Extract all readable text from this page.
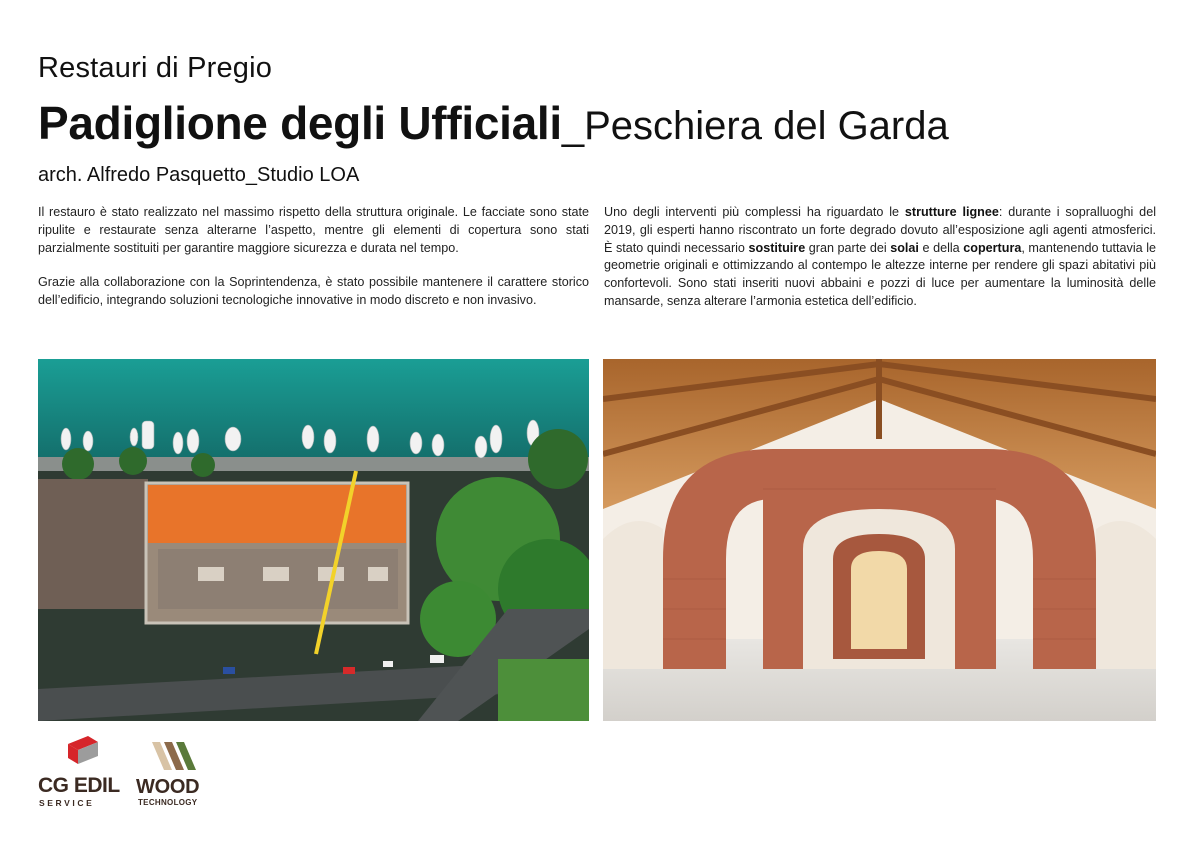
Restauri di Pregio
Padiglione degli Ufficiali_Peschiera del Garda
arch. Alfredo Pasquetto_Studio LOA

Il restauro è stato realizzato nel massimo rispetto della struttura originale. Le facciate sono state ripulite e restaurate senza alterarne l’aspetto, mentre gli elementi di copertura sono stati parzialmente sostituiti per garantire maggiore sicurezza e durata nel tempo.

Grazie alla collaborazione con la Soprintendenza, è stato possibile mantenere il carattere storico dell’edificio, integrando soluzioni tecnologiche innovative in modo discreto e non invasivo.

Uno degli interventi più complessi ha riguardato le strutture lignee: durante i sopralluoghi del 2019, gli esperti hanno riscontrato un forte degrado dovuto all’esposizione agli agenti atmosferici. È stato quindi necessario sostituire gran parte dei solai e della copertura, mantenendo tuttavia le geometrie originali e ottimizzando al contempo le altezze interne per rendere gli spazi abitativi più confortevoli. Sono stati inseriti nuovi abbaini e pozzi di luce per aumentare la luminosità delle mansarde, senza alterare l’armonia estetica dell’edificio.

CG EDIL
SERVICE
WOOD
TECHNOLOGY
